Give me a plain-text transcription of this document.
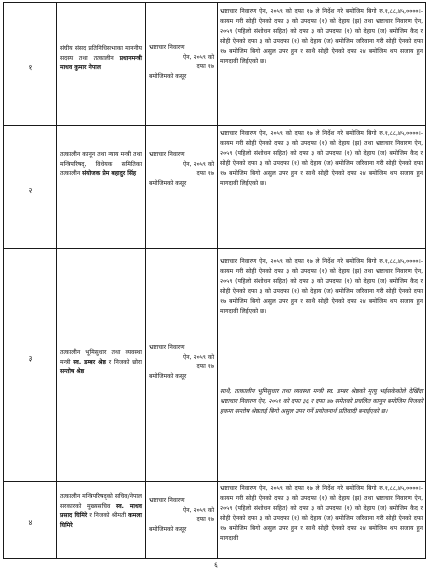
१
संघीय संसद प्रतिनिधिसभाका माननीय सदस्य तथा तत्कालीन प्रधानमन्त्री माधव कुमार नेपाल
भ्रष्टाचार निवारण
ऐन, २०५९ को
दफा १७
बमोजिमको कसूर
भ्रष्टाचार निवारण ऐन, २०५९ को दफा १७ ले निर्देश गरे बमोजिम बिगो रु.१,८८,४५,००००।- कायम गरी सोही ऐनको दफा ३ को उपदफा (१) को देहाय (झ) तथा भ्रष्टाचार निवारण ऐन, २०५९ (पहिलो संशोधन सहित) को दफा ३ को उपदफा (१) को देहाय (ज) बमोजिम कैद र सोही ऐनको दफा ३ को उपदफा (१) को देहाय (ज) बमोजिम जरिवाना गरी सोही ऐनको दफा १७ बमोजिम बिगो असुल उपर हुन र साथै सोही ऐनको दफा २४ बमोजिम थप सजाय हुन मागदावी लिईएको छ।
२
तत्कालीन कानून तथा न्याय मन्त्री तथा मन्त्रिपरिषद्, विधेयक समितिका तत्कालीन संयोजक प्रेम बहादुर सिंह
भ्रष्टाचार निवारण
ऐन, २०५९ को
दफा १७
बमोजिमको कसूर
भ्रष्टाचार निवारण ऐन, २०५९ को दफा १७ ले निर्देश गरे बमोजिम बिगो रु.१,८८,४५,००००।- कायम गरी सोही ऐनको दफा ३ को उपदफा (१) को देहाय (झ) तथा भ्रष्टाचार निवारण ऐन, २०५९ (पहिलो संशोधन सहित) को दफा ३ को उपदफा (१) को देहाय (ज) बमोजिम कैद र सोही ऐनको दफा ३ को उपदफा (१) को देहाय (ज) बमोजिम जरिवाना गरी सोही ऐनको दफा १७ बमोजिम बिगो असुल उपर हुन र साथै सोही ऐनको दफा २४ बमोजिम थप सजाय हुन मागदावी लिईएको छ।
३
तत्कालीन भूमिसुधार तथा व्यवस्था मन्त्री स्व. डम्बर श्रेष्ठ र निजको छोरा सन्तोष श्रेष्ठ
भ्रष्टाचार निवारण
ऐन, २०५९ को
दफा १७
बमोजिमको कसूर
भ्रष्टाचार निवारण ऐन, २०५९ को दफा १७ ले निर्देश गरे बमोजिम बिगो रु.१,८८,४५,००००।- कायम गरी सोही ऐनको दफा ३ को उपदफा (१) को देहाय (झ) तथा भ्रष्टाचार निवारण ऐन, २०५९ (पहिलो संशोधन सहित) को दफा ३ को उपदफा (१) को देहाय (ज) बमोजिम कैद र सोही ऐनको दफा ३ को उपदफा (१) को देहाय (ज) बमोजिम जरिवाना गरी सोही ऐनको दफा १७ बमोजिम बिगो असुल उपर हुन र साथै सोही ऐनको दफा २४ बमोजिम थप सजाय हुन मागदावी लिईएको छ।
साथै, तत्कालीन भूमिसुधार तथा व्यवस्था मन्त्री स्व. डम्बर श्रेष्ठको मृत्यु भईसकेकोले देखिँदा भ्रष्टाचार निवारण ऐन, २०५९ को दफा ३६ र दफा ४७ समेतको प्रचलित कानून बमोजिम निजको हकमा सन्तोष श्रेष्ठताई बिगो असुल उपर गर्ने प्रयोजनार्थ प्रतिवादी बनाईएको छ।
४
तत्कालीन मन्त्रिपरिषद्को सचिव/नेपाल सरकारको मुख्यसचिव स्व. माधव प्रसाद घिमिरे र निजको श्रीमती कमला घिमिरे
भ्रष्टाचार निवारण
ऐन, २०५९ को
दफा १७
बमोजिमको कसूर
भ्रष्टाचार निवारण ऐन, २०५९ को दफा १७ ले निर्देश गरे बमोजिम बिगो रु.१,८८,४५,००००।- कायम गरी सोही ऐनको दफा ३ को उपदफा (१) को देहाय (झ) तथा भ्रष्टाचार निवारण ऐन, २०५९ (पहिलो संशोधन सहित) को दफा ३ को उपदफा (१) को देहाय (ज) बमोजिम कैद र सोही ऐनको दफा ३ को उपदफा (१) को देहाय (ज) बमोजिम जरिवाना गरी सोही ऐनको दफा १७ बमोजिम बिगो असुल उपर हुन र साथै सोही ऐनको दफा २४ बमोजिम थप सजाय हुन मागदावी
६
